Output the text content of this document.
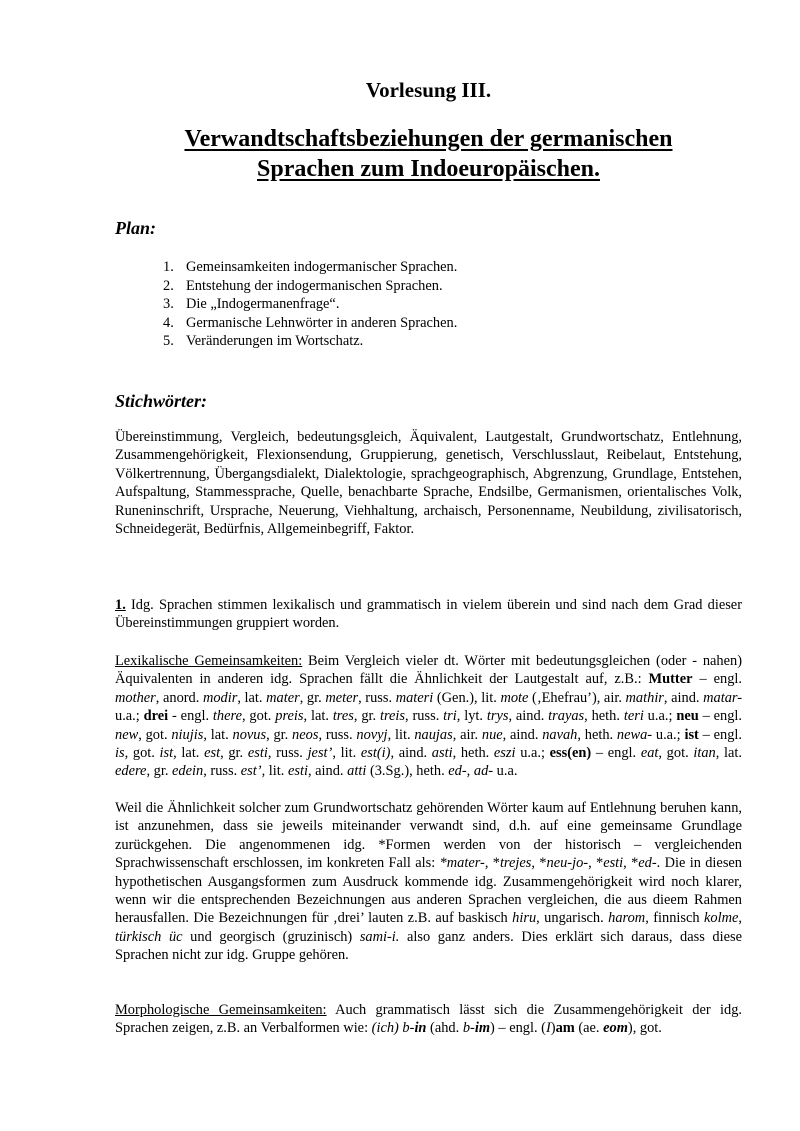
Vorlesung III.
Verwandtschaftsbeziehungen der germanischen
Sprachen zum Indoeuropäischen.
Plan:
1. Gemeinsamkeiten indogermanischer Sprachen.
2. Entstehung der indogermanischen Sprachen.
3. Die „Indogermanenfrage“.
4. Germanische Lehnwörter in anderen Sprachen.
5. Veränderungen im Wortschatz.
Stichwörter:

Übereinstimmung, Vergleich, bedeutungsgleich, Äquivalent, Lautgestalt, Grundwortschatz, Entlehnung, Zusammengehörigkeit, Flexionsendung, Gruppierung, genetisch, Verschlusslaut, Reibelaut, Entstehung, Völkertrennung, Übergangsdialekt, Dialektologie, sprachgeographisch, Abgrenzung, Grundlage, Entstehen, Aufspaltung, Stammessprache, Quelle, benachbarte Sprache, Endsilbe, Germanismen, orientalisches Volk, Runeninschrift, Ursprache, Neuerung, Viehhaltung, archaisch, Personenname, Neubildung, zivilisatorisch, Schneidegerät, Bedürfnis, Allgemeinbegriff, Faktor.

1. Idg. Sprachen stimmen lexikalisch und grammatisch in vielem überein und sind nach dem Grad dieser Übereinstimmungen gruppiert worden.

Lexikalische Gemeinsamkeiten: Beim Vergleich vieler dt. Wörter mit bedeutungsgleichen (oder - nahen) Äquivalenten in anderen idg. Sprachen fällt die Ähnlichkeit der Lautgestalt auf, z.B.: Mutter – engl. mother, anord. modir, lat. mater, gr. meter, russ. materi (Gen.), lit. mote (‚Ehefrau’), air. mathir, aind. matar- u.a.; drei - engl. there, got. preis, lat. tres, gr. treis, russ. tri, lyt. trys, aind. trayas, heth. teri u.a.; neu – engl. new, got. niujis, lat. novus, gr. neos, russ. novyj, lit. naujas, air. nue, aind. navah, heth. newa- u.a.; ist – engl. is, got. ist, lat. est, gr. esti, russ. jest’, lit. est(i), aind. asti, heth. eszi u.a.; ess(en) – engl. eat, got. itan, lat. edere, gr. edein, russ. est’, lit. esti, aind. atti (3.Sg.), heth. ed-, ad- u.a.

Weil die Ähnlichkeit solcher zum Grundwortschatz gehörenden Wörter kaum auf Entlehnung beruhen kann, ist anzunehmen, dass sie jeweils miteinander verwandt sind, d.h. auf eine gemeinsame Grundlage zurückgehen. Die angenommenen idg. *Formen werden von der historisch – vergleichenden Sprachwissenschaft erschlossen, im konkreten Fall als: *mater-, *trejes, *neu-jo-, *esti, *ed-. Die in diesen hypothetischen Ausgangsformen zum Ausdruck kommende idg. Zusammengehörigkeit wird noch klarer, wenn wir die entsprechenden Bezeichnungen aus anderen Sprachen vergleichen, die aus dieem Rahmen herausfallen. Die Bezeichnungen für ‚drei’ lauten z.B. auf baskisch hiru, ungarisch. harom, finnisch kolme, türkisch üc und georgisch (gruzinisch) sami-i. also ganz anders. Dies erklärt sich daraus, dass diese Sprachen nicht zur idg. Gruppe gehören.

Morphologische Gemeinsamkeiten: Auch grammatisch lässt sich die Zusammengehörigkeit der idg. Sprachen zeigen, z.B. an Verbalformen wie: (ich) b-in (ahd. b-im) – engl. (I)am (ae. eom), got.
